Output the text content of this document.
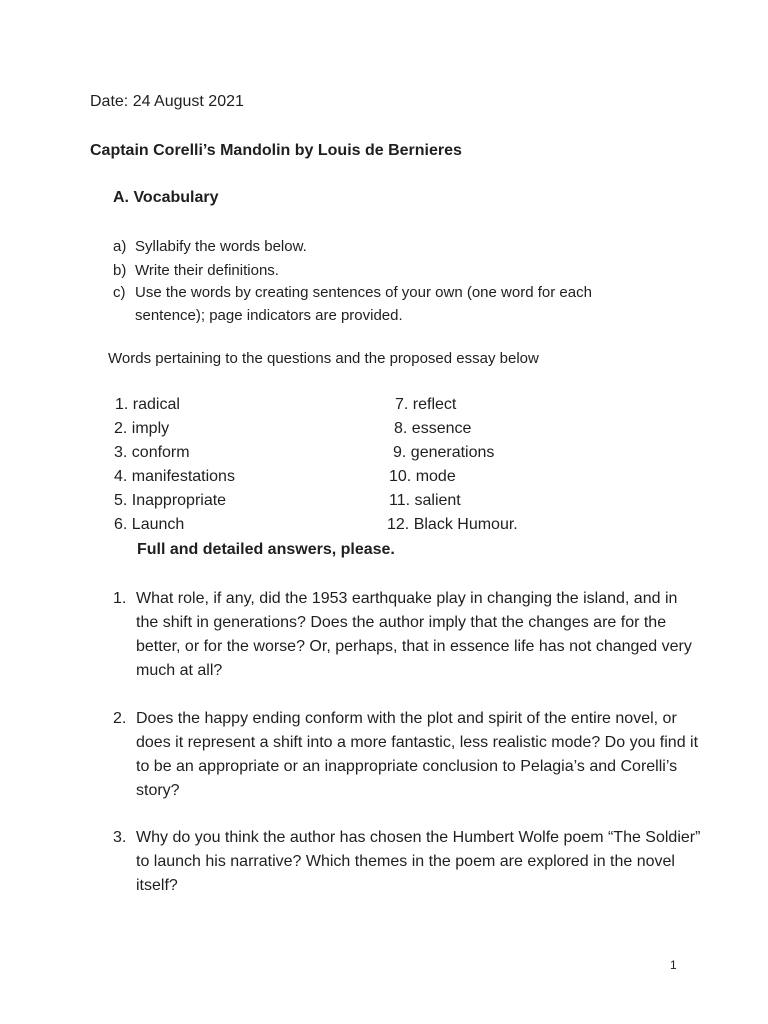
Date: 24 August 2021
Captain Corelli’s Mandolin by Louis de Bernieres
A. Vocabulary
a) Syllabify the words below.
b) Write their definitions.
c) Use the words by creating sentences of your own (one word for each
sentence); page indicators are provided.
Words pertaining to the questions and the proposed essay below
1. radical
2. imply
3. conform
4. manifestations
5. Inappropriate
6. Launch
7. reflect
8. essence
9. generations
10. mode
11. salient
12. Black Humour.
Full and detailed answers, please.
1. What role, if any, did the 1953 earthquake play in changing the island, and in the shift in generations? Does the author imply that the changes are for the better, or for the worse? Or, perhaps, that in essence life has not changed very much at all?
2. Does the happy ending conform with the plot and spirit of the entire novel, or does it represent a shift into a more fantastic, less realistic mode? Do you find it to be an appropriate or an inappropriate conclusion to Pelagia’s and Corelli’s story?
3. Why do you think the author has chosen the Humbert Wolfe poem “The Soldier” to launch his narrative? Which themes in the poem are explored in the novel itself?
1
